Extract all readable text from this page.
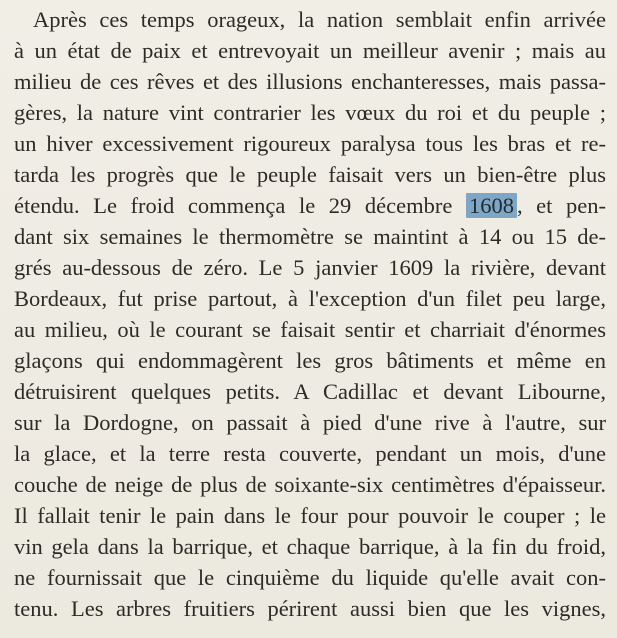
Après ces temps orageux, la nation semblait enfin arrivée
à un état de paix et entrevoyait un meilleur avenir ; mais au
milieu de ces rêves et des illusions enchanteresses, mais passa-
gères, la nature vint contrarier les vœux du roi et du peuple ;
un hiver excessivement rigoureux paralysa tous les bras et re-
tarda les progrès que le peuple faisait vers un bien-être plus
étendu. Le froid commença le 29 décembre 1608 , et pen-
dant six semaines le thermomètre se maintint à 14 ou 15 de-
grés au-dessous de zéro. Le 5 janvier 1609 la rivière, devant
Bordeaux, fut prise partout, à l'exception d'un filet peu large,
au milieu, où le courant se faisait sentir et charriait d'énormes
glaçons qui endommagèrent les gros bâtiments et même en
détruisirent quelques petits. A Cadillac et devant Libourne,
sur la Dordogne, on passait à pied d'une rive à l'autre, sur
la glace, et la terre resta couverte, pendant un mois, d'une
couche de neige de plus de soixante-six centimètres d'épaisseur.
Il fallait tenir le pain dans le four pour pouvoir le couper ; le
vin gela dans la barrique, et chaque barrique, à la fin du froid,
ne fournissait que le cinquième du liquide qu'elle avait con-
tenu. Les arbres fruitiers périrent aussi bien que les vignes,
